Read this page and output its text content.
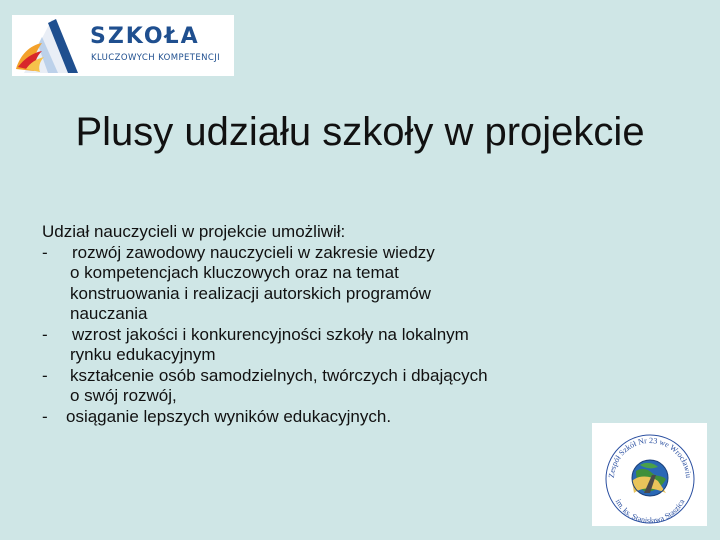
SZKOŁA
KLUCZOWYCH KOMPETENCJI
Plusy udziału szkoły w projekcie
Udział nauczycieli w projekcie umożliwił:
-	rozwój zawodowy nauczycieli w zakresie wiedzy
o kompetencjach kluczowych oraz na temat
konstruowania i realizacji autorskich programów
nauczania
-	wzrost jakości i konkurencyjności szkoły na lokalnym
rynku edukacyjnym
-	kształcenie osób samodzielnych, twórczych i dbających
o swój rozwój,
-	osiąganie lepszych wyników edukacyjnych.
Zespół Szkół Nr 23 we Wrocławiu
im. ks. Stanisława Staszica
